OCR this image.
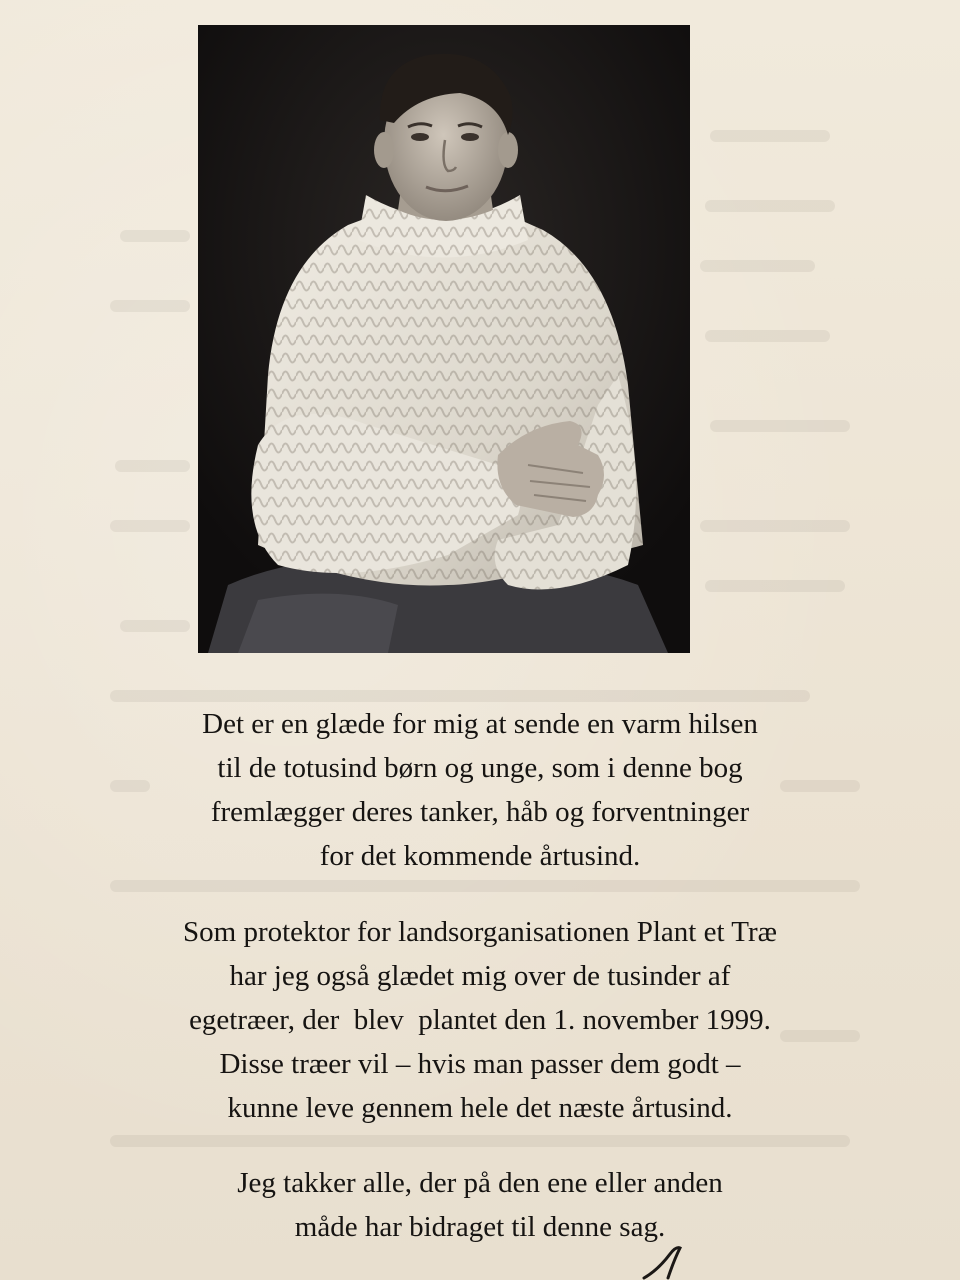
Det er en glæde for mig at sende en varm hilsen
til de totusind børn og unge, som i denne bog
fremlægger deres tanker, håb og forventninger
for det kommende årtusind.

Som protektor for landsorganisationen Plant et Træ
har jeg også glædet mig over de tusinder af
egetræer, der  blev  plantet den 1. november 1999.
Disse træer vil – hvis man passer dem godt –
kunne leve gennem hele det næste årtusind.

Jeg takker alle, der på den ene eller anden
måde har bidraget til denne sag.
